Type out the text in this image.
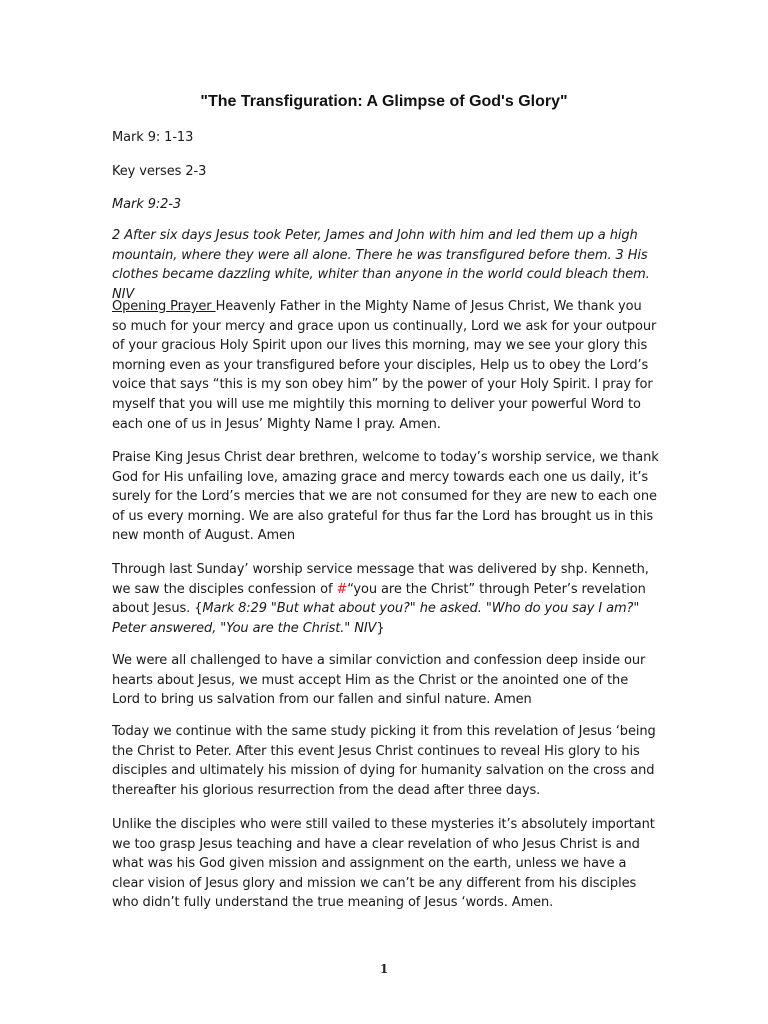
"The Transfiguration: A Glimpse of God's Glory"

Mark 9: 1-13

Key verses 2-3

Mark 9:2-3

2 After six days Jesus took Peter, James and John with him and led them up a high mountain, where they were all alone. There he was transfigured before them. 3 His clothes became dazzling white, whiter than anyone in the world could bleach them. NIV

Opening Prayer Heavenly Father in the Mighty Name of Jesus Christ, We thank you so much for your mercy and grace upon us continually, Lord we ask for your outpour of your gracious Holy Spirit upon our lives this morning, may we see your glory this morning even as your transfigured before your disciples, Help us to obey the Lord’s voice that says “this is my son obey him” by the power of your Holy Spirit. I pray for myself that you will use me mightily this morning to deliver your powerful Word to each one of us in Jesus’ Mighty Name I pray. Amen.

Praise King Jesus Christ dear brethren, welcome to today’s worship service, we thank God for His unfailing love, amazing grace and mercy towards each one us daily, it’s surely for the Lord’s mercies that we are not consumed for they are new to each one of us every morning. We are also grateful for thus far the Lord has brought us in this new month of August. Amen

Through last Sunday’ worship service message that was delivered by shp. Kenneth, we saw the disciples confession of #“you are the Christ” through Peter’s revelation about Jesus. {Mark 8:29 "But what about you?" he asked. "Who do you say I am?" Peter answered, "You are the Christ." NIV}

We were all challenged to have a similar conviction and confession deep inside our hearts about Jesus, we must accept Him as the Christ or the anointed one of the Lord to bring us salvation from our fallen and sinful nature. Amen

Today we continue with the same study picking it from this revelation of Jesus ‘being the Christ to Peter. After this event Jesus Christ continues to reveal His glory to his disciples and ultimately his mission of dying for humanity salvation on the cross and thereafter his glorious resurrection from the dead after three days.

Unlike the disciples who were still vailed to these mysteries it’s absolutely important we too grasp Jesus teaching and have a clear revelation of who Jesus Christ is and what was his God given mission and assignment on the earth, unless we have a clear vision of Jesus glory and mission we can’t be any different from his disciples who didn’t fully understand the true meaning of Jesus ‘words. Amen.

1
